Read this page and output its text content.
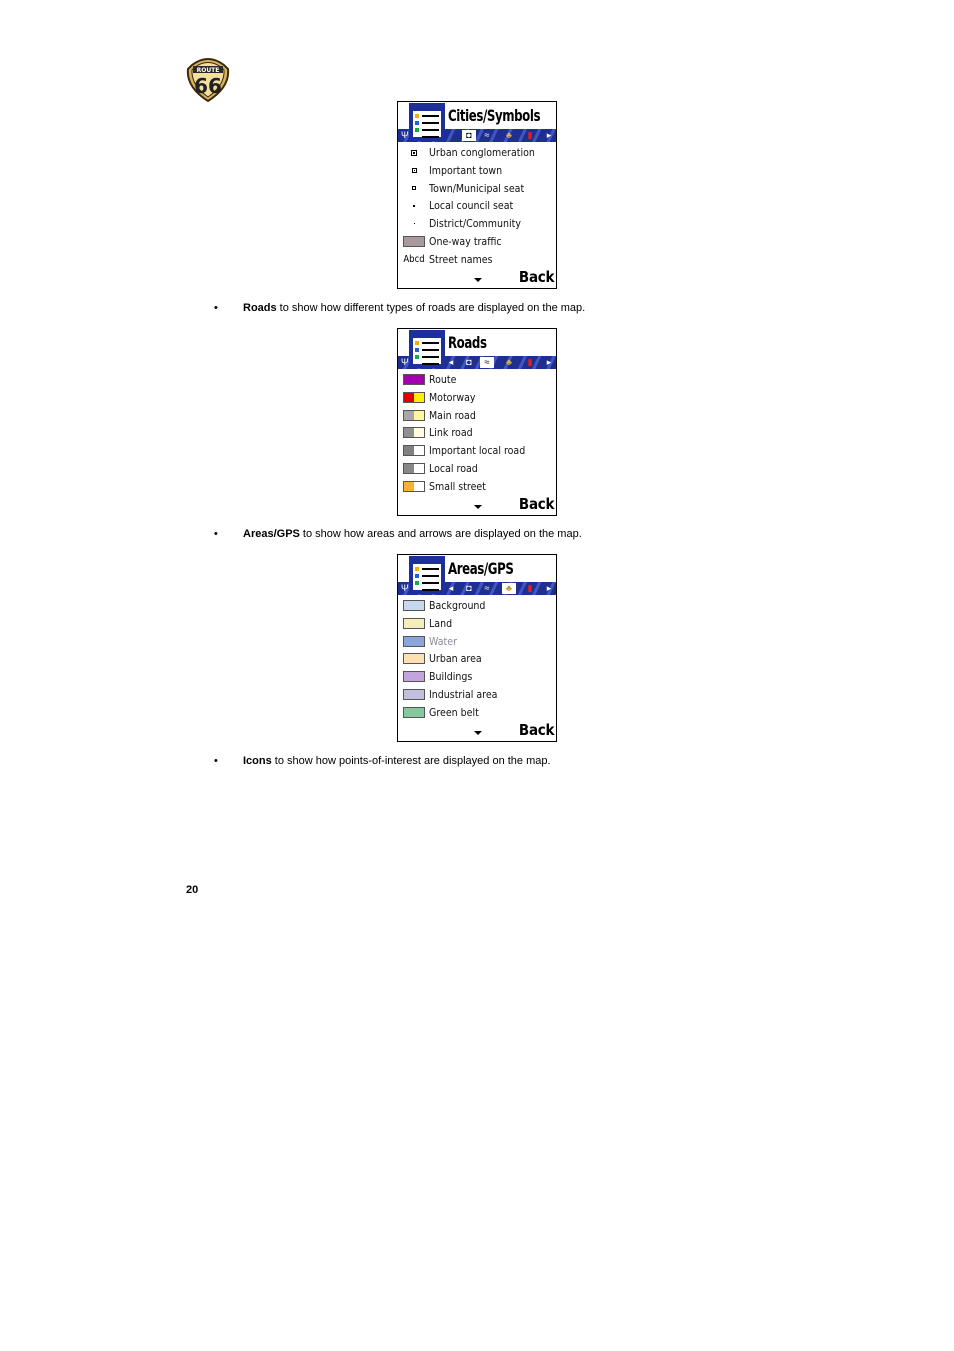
ROUTE
66
Cities/Symbols
Ψ	◘	≈ ♣ ▮	▸
Urban conglomeration
Important town
Town/Municipal seat
Local council seat
District/Community
One-way traffic
Abcd Street names
Back
• Roads to show how different types of roads are displayed on the map.
Roads
Ψ	◂	◘	≈	♣ ▮	▸
Route
Motorway
Main road
Link road
Important local road
Local road
Small street
Back
• Areas/GPS to show how areas and arrows are displayed on the map.
Areas/GPS
Ψ	◂	◘ ≈	♣	▮	▸
Background
Land
Water
Urban area
Buildings
Industrial area
Green belt
Back
• Icons to show how points-of-interest are displayed on the map.
20
